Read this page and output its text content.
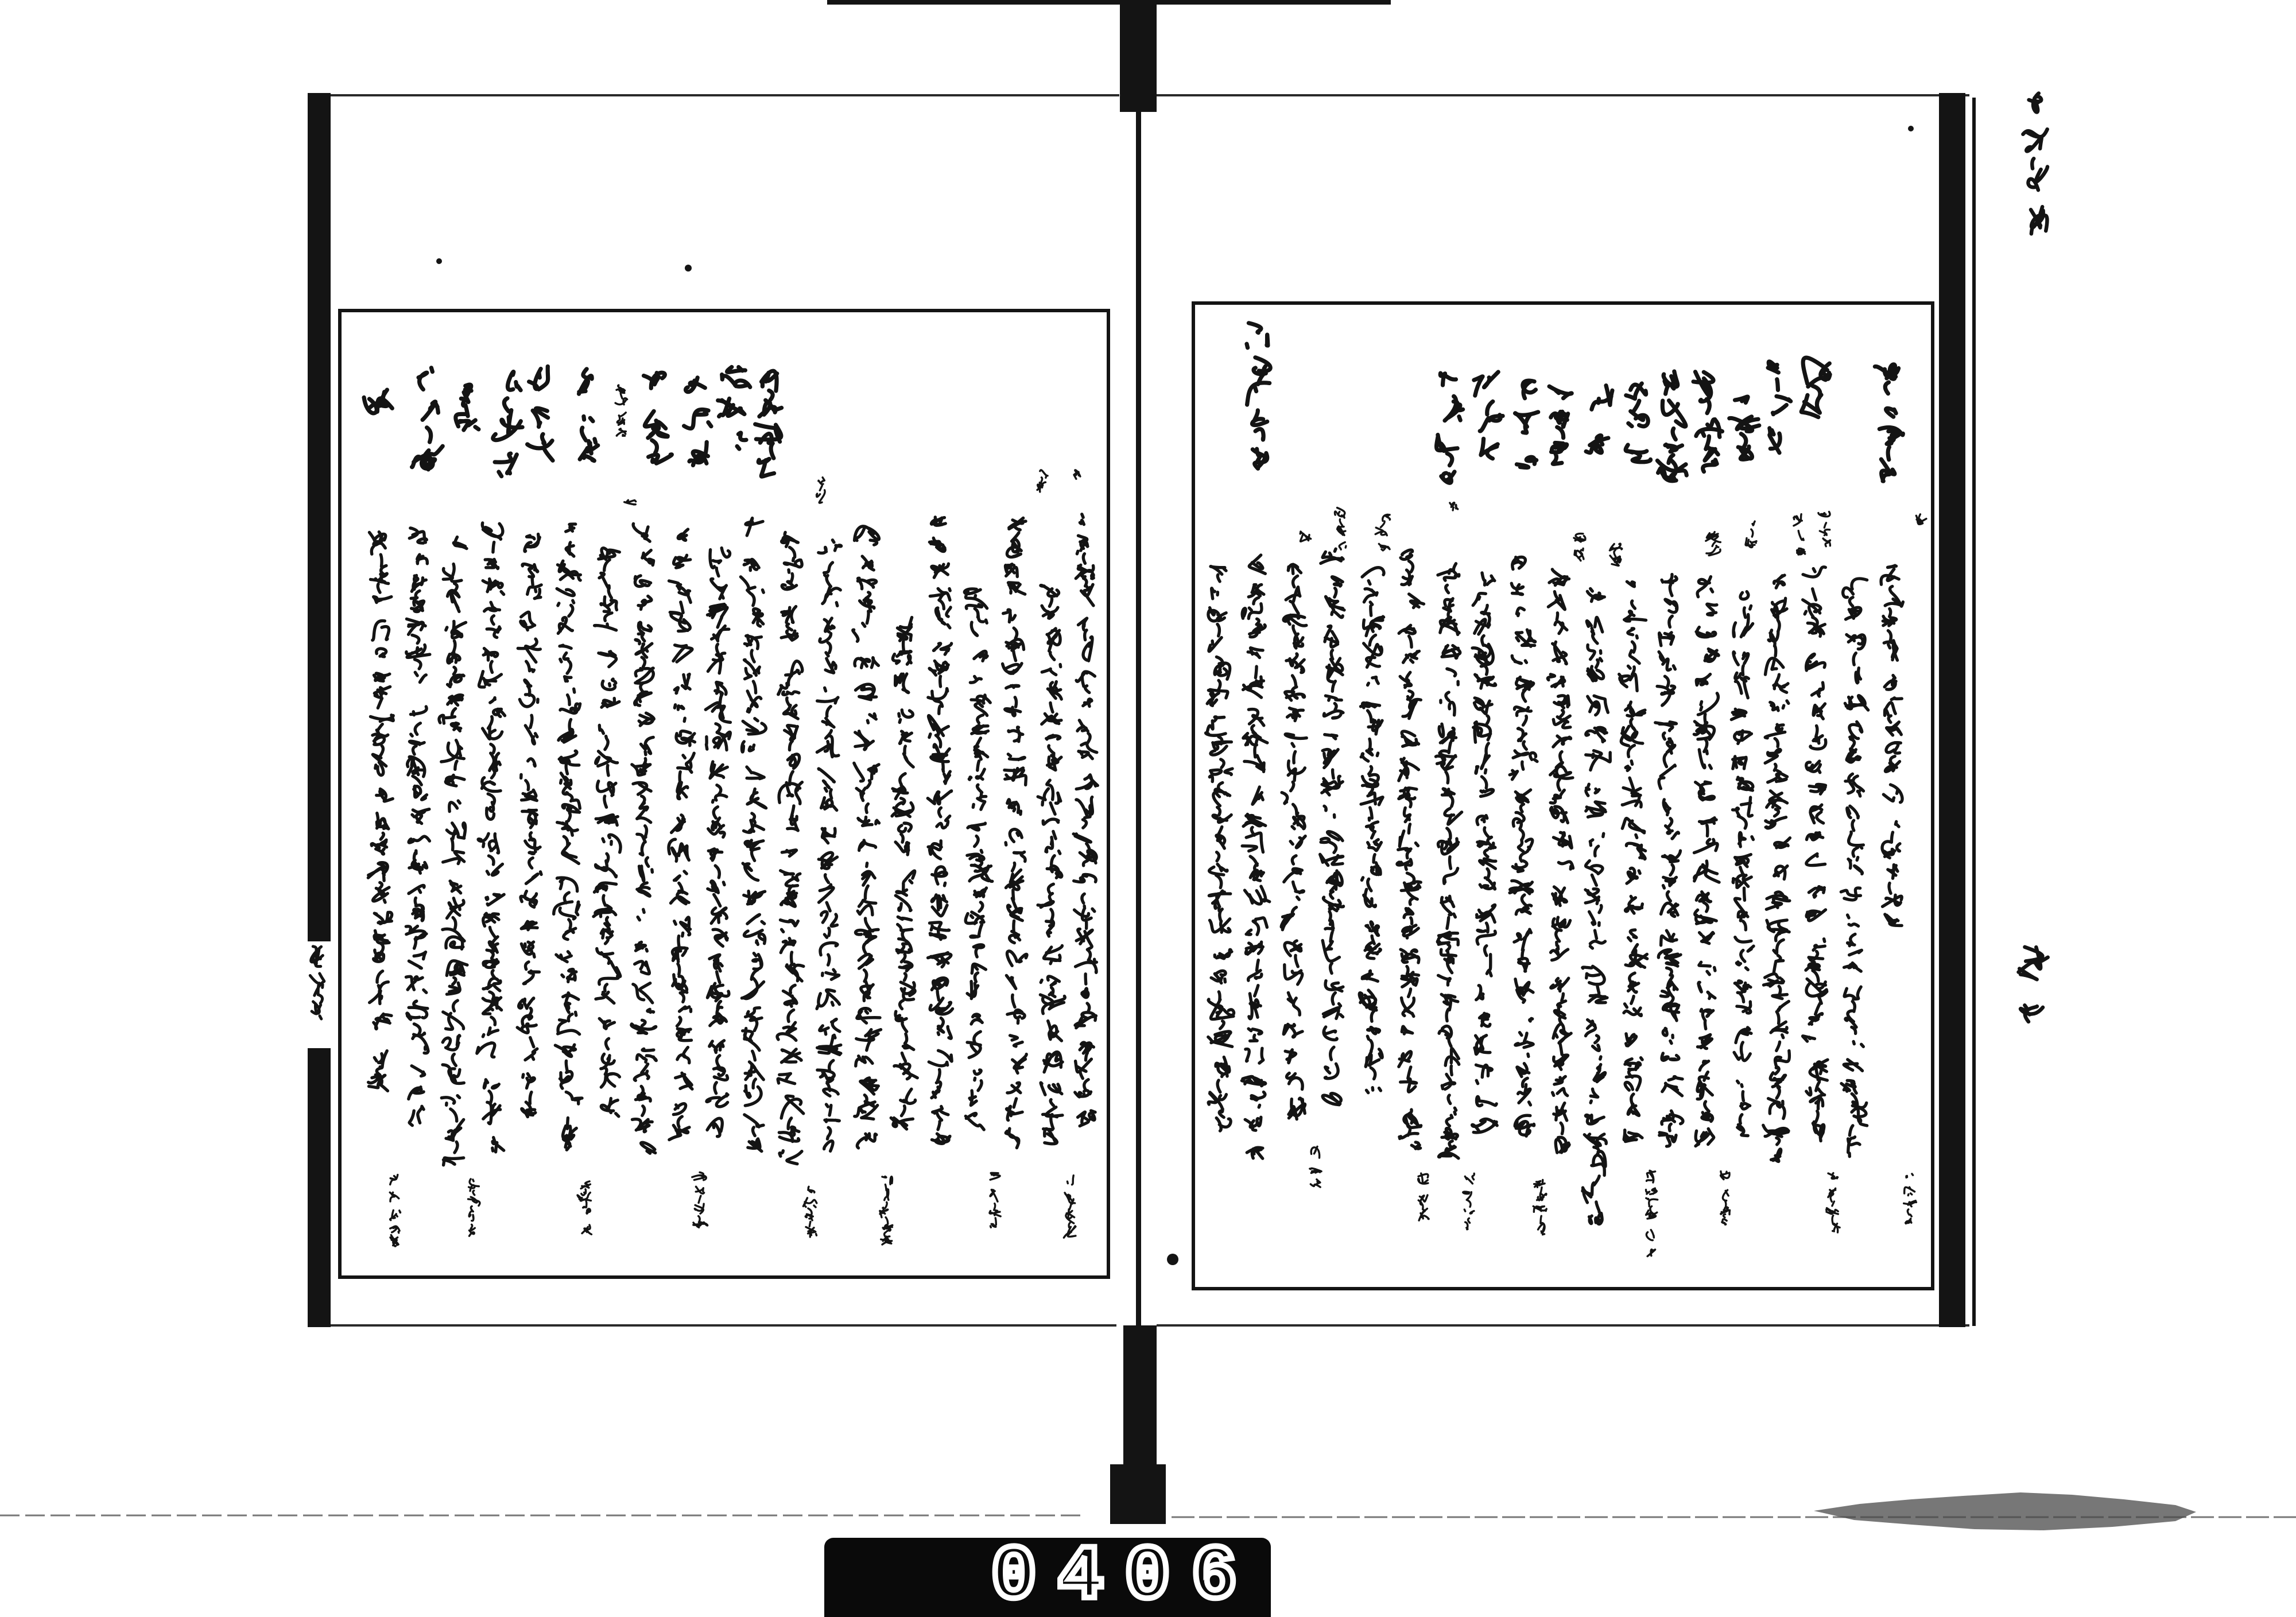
0406
